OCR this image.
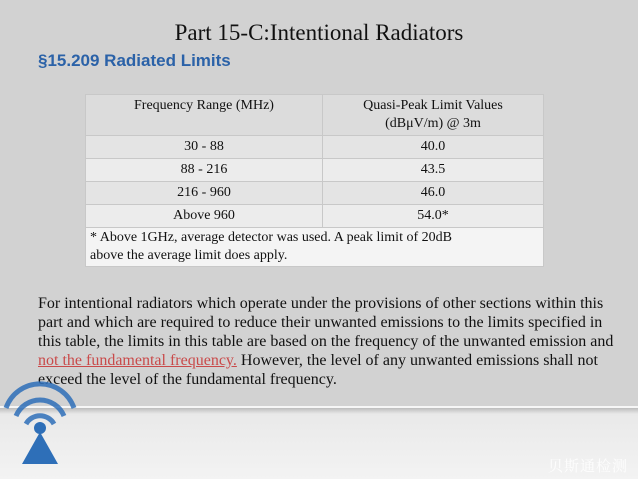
Part 15-C:Intentional Radiators
§15.209 Radiated Limits
Frequency Range (MHz)	Quasi-Peak Limit Values
(dBμV/m) @ 3m
30 - 88	40.0
88 - 216	43.5
216 - 960	46.0
Above 960	54.0*
* Above 1GHz, average detector was used. A peak limit of 20dB
above the average limit does apply.	
For intentional radiators which operate under the provisions of other sections within this part and which are required to reduce their unwanted emissions to the limits specified in this table, the limits in this table are based on the frequency of the unwanted emission and not the fundamental frequency. However, the level of any unwanted emissions shall not exceed the level of the fundamental frequency.
贝斯通检测
